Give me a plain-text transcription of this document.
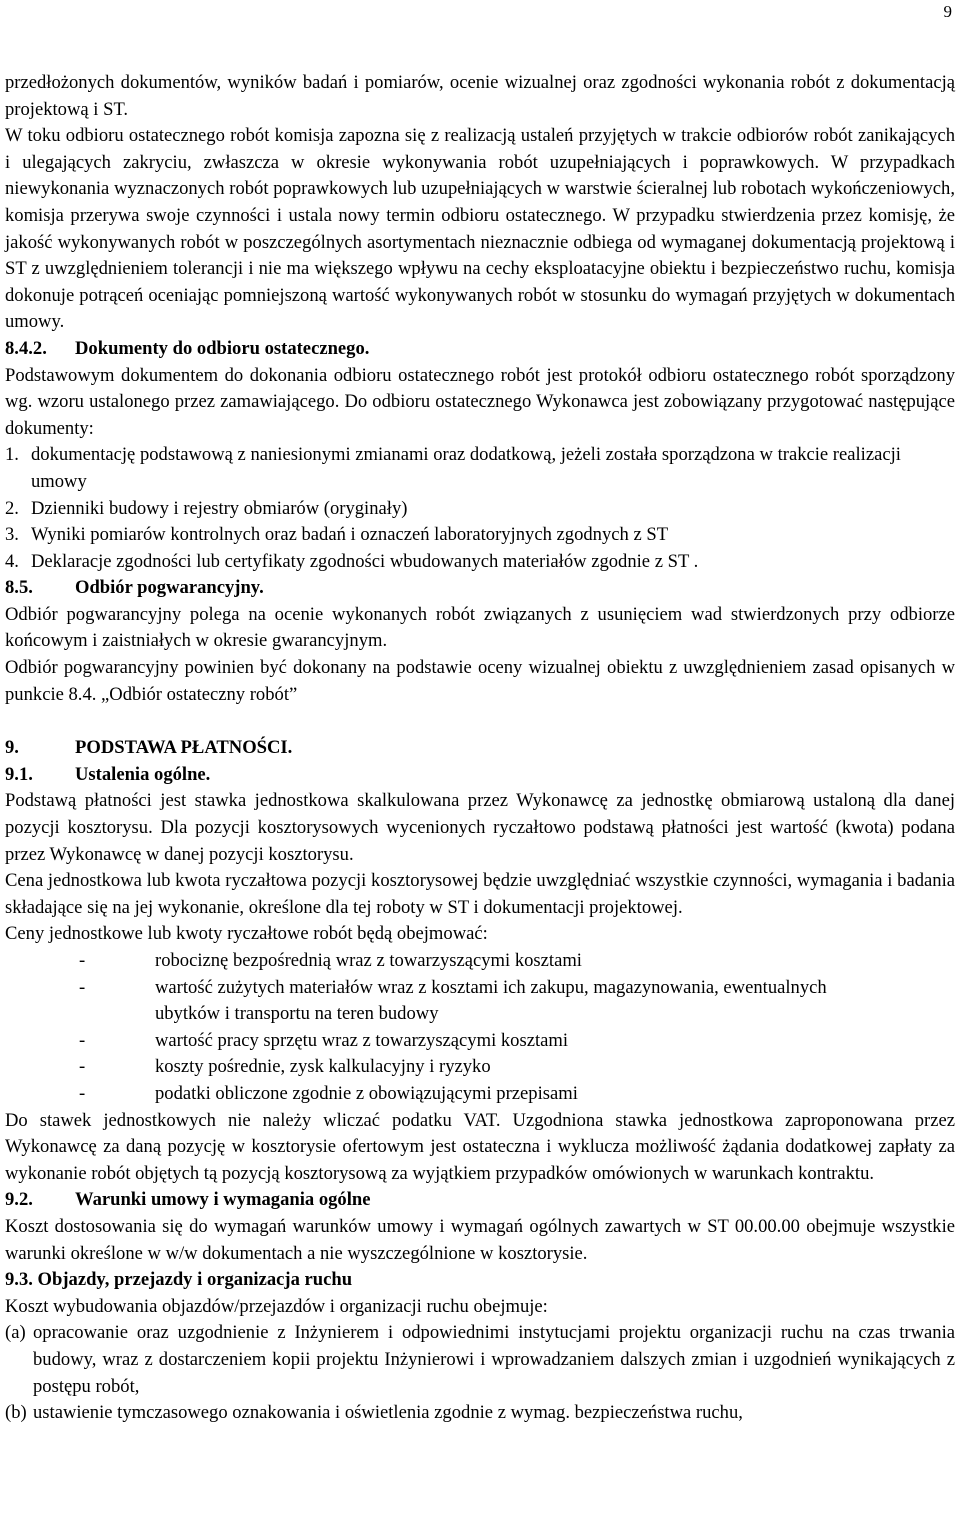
9

przedłożonych dokumentów, wyników badań i pomiarów, ocenie wizualnej oraz zgodności wykonania robót z dokumentacją projektową i ST.

W toku odbioru ostatecznego robót komisja zapozna się z realizacją ustaleń przyjętych w trakcie odbiorów robót zanikających i ulegających zakryciu, zwłaszcza w okresie wykonywania robót uzupełniających i poprawkowych. W przypadkach niewykonania wyznaczonych robót poprawkowych lub uzupełniających w warstwie ścieralnej lub robotach wykończeniowych, komisja przerywa swoje czynności i ustala nowy termin odbioru ostatecznego. W przypadku stwierdzenia przez komisję, że jakość wykonywanych robót w poszczególnych asortymentach nieznacznie odbiega od wymaganej dokumentacją projektową i ST z uwzględnieniem tolerancji i nie ma większego wpływu na cechy eksploatacyjne obiektu i bezpieczeństwo ruchu, komisja dokonuje potrąceń oceniając pomniejszoną wartość wykonywanych robót w stosunku do wymagań przyjętych w dokumentach umowy.

8.4.2.	Dokumenty do odbioru ostatecznego.

Podstawowym dokumentem do dokonania odbioru ostatecznego robót jest protokół odbioru ostatecznego robót sporządzony wg. wzoru ustalonego przez zamawiającego. Do odbioru ostatecznego Wykonawca jest zobowiązany przygotować następujące dokumenty:

1. dokumentację podstawową z naniesionymi zmianami oraz dodatkową, jeżeli została sporządzona w trakcie realizacji umowy
2. Dzienniki budowy i rejestry obmiarów (oryginały)
3. Wyniki pomiarów kontrolnych oraz badań i oznaczeń laboratoryjnych zgodnych z ST
4. Deklaracje zgodności lub certyfikaty zgodności wbudowanych materiałów zgodnie z ST .

8.5.	Odbiór pogwarancyjny.

Odbiór pogwarancyjny polega na ocenie wykonanych robót związanych z usunięciem wad stwierdzonych przy odbiorze końcowym i zaistniałych w okresie gwarancyjnym.

Odbiór pogwarancyjny powinien być dokonany na podstawie oceny wizualnej obiektu z uwzględnieniem zasad opisanych w punkcie 8.4. „Odbiór ostateczny robót”

9.	PODSTAWA PŁATNOŚCI.

9.1.	Ustalenia ogólne.

Podstawą płatności jest stawka jednostkowa skalkulowana przez Wykonawcę za jednostkę obmiarową ustaloną dla danej pozycji kosztorysu. Dla pozycji kosztorysowych wycenionych ryczałtowo podstawą płatności jest wartość (kwota) podana przez Wykonawcę w danej pozycji kosztorysu.

Cena jednostkowa lub kwota ryczałtowa pozycji kosztorysowej będzie uwzględniać wszystkie czynności, wymagania i badania składające się na jej wykonanie, określone dla tej roboty w ST i dokumentacji projektowej.

Ceny jednostkowe lub kwoty ryczałtowe robót będą obejmować:

-	robociznę bezpośrednią wraz z towarzyszącymi kosztami
-	wartość zużytych materiałów wraz z kosztami ich zakupu, magazynowania, ewentualnych ubytków i transportu na teren budowy
-	wartość pracy sprzętu wraz z towarzyszącymi kosztami
-	koszty pośrednie, zysk kalkulacyjny i ryzyko
-	podatki obliczone zgodnie z obowiązującymi przepisami

Do stawek jednostkowych nie należy wliczać podatku VAT. Uzgodniona stawka jednostkowa zaproponowana przez Wykonawcę za daną pozycję w kosztorysie ofertowym jest ostateczna i wyklucza możliwość żądania dodatkowej zapłaty za wykonanie robót objętych tą pozycją kosztorysową za wyjątkiem przypadków omówionych w warunkach kontraktu.

9.2.	Warunki umowy i wymagania ogólne

Koszt dostosowania się do wymagań warunków umowy i wymagań ogólnych zawartych w ST 00.00.00 obejmuje wszystkie warunki określone w w/w dokumentach a nie wyszczególnione w kosztorysie.

9.3.
Objazdy, przejazdy i organizacja ruchu

Koszt wybudowania objazdów/przejazdów i organizacji ruchu obejmuje:

(a) opracowanie oraz uzgodnienie z Inżynierem i odpowiednimi instytucjami projektu organizacji ruchu na czas trwania budowy, wraz z dostarczeniem kopii projektu Inżynierowi i wprowadzaniem dalszych zmian i uzgodnień wynikających z postępu robót,
(b) ustawienie tymczasowego oznakowania i oświetlenia zgodnie z wymag. bezpieczeństwa ruchu,
